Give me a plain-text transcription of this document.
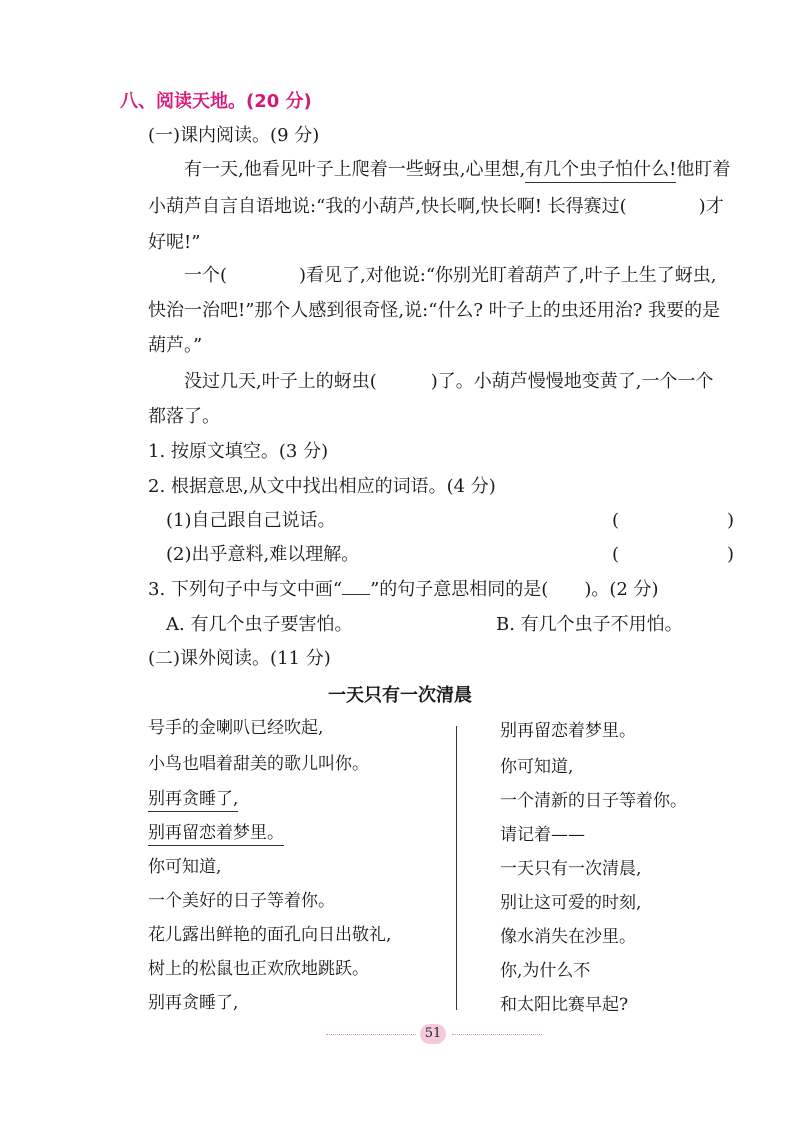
八、阅读天地。(20 分)
(一)课内阅读。(9 分)
有一天,他看见叶子上爬着一些蚜虫,心里想,有几个虫子怕什么!他盯着
小葫芦自言自语地说:“我的小葫芦,快长啊,快长啊! 长得赛过(　　　　)才
好呢!”
一个(　　　　)看见了,对他说:“你别光盯着葫芦了,叶子上生了蚜虫,
快治一治吧!”那个人感到很奇怪,说:“什么? 叶子上的虫还用治? 我要的是
葫芦。”
没过几天,叶子上的蚜虫(　　　)了。小葫芦慢慢地变黄了,一个一个
都落了。
1. 按原文填空。(3 分)
2. 根据意思,从文中找出相应的词语。(4 分)
(1)自己跟自己说话。	(　　　　　　)
(2)出乎意料,难以理解。	(　　　　　　)
3. 下列句子中与文中画“ ”的句子意思相同的是(　　)。(2 分)
A. 有几个虫子要害怕。	B. 有几个虫子不用怕。
(二)课外阅读。(11 分)
一天只有一次清晨
号手的金喇叭已经吹起,
小鸟也唱着甜美的歌儿叫你。
别再贪睡了,
别再留恋着梦里。
你可知道,
一个美好的日子等着你。
花儿露出鲜艳的面孔向日出敬礼,
树上的松鼠也正欢欣地跳跃。
别再贪睡了,
别再留恋着梦里。
你可知道,
一个清新的日子等着你。
请记着——
一天只有一次清晨,
别让这可爱的时刻,
像水消失在沙里。
你,为什么不
和太阳比赛早起?
51
